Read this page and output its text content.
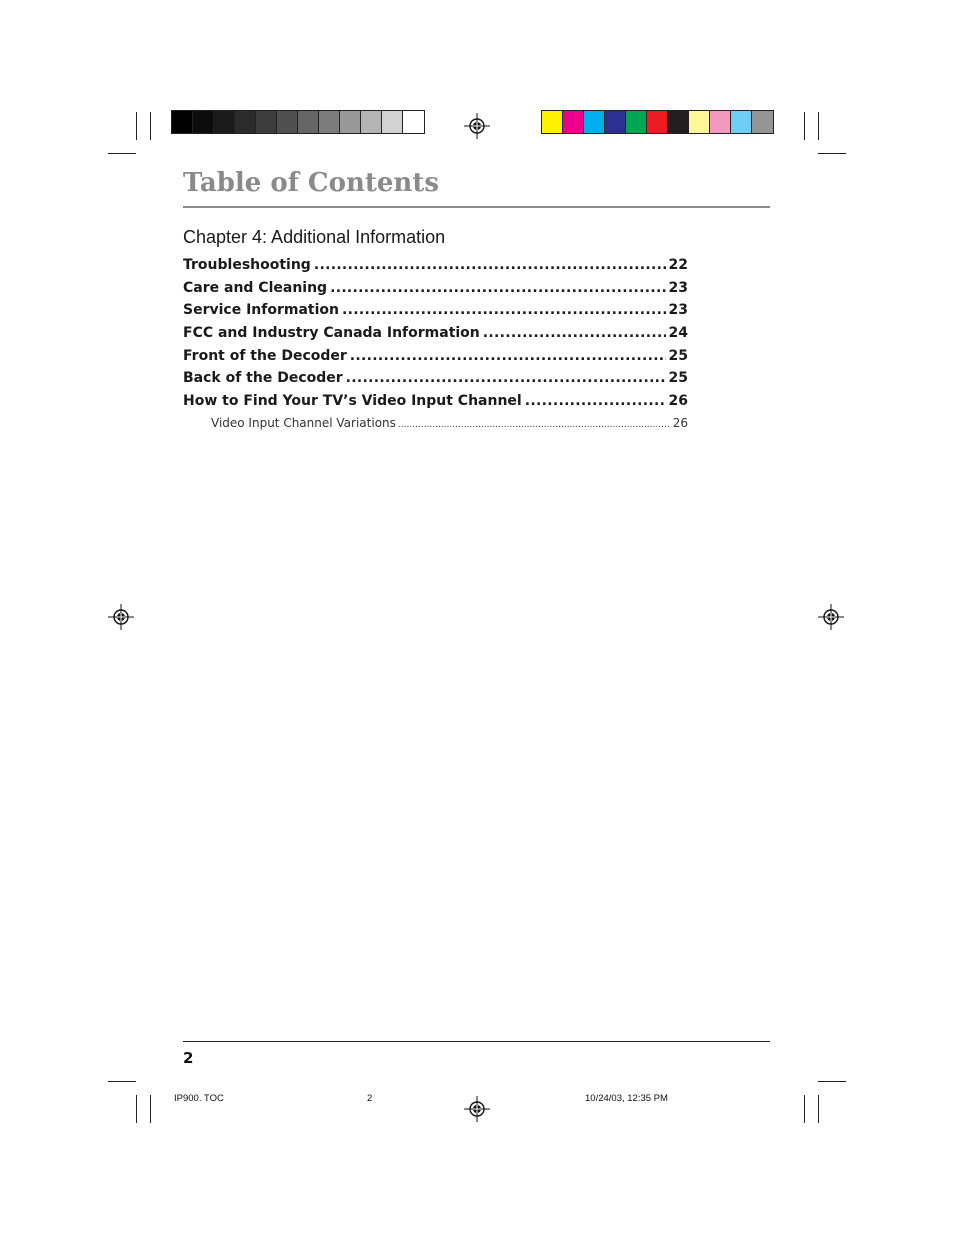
Table of Contents
Chapter 4: Additional Information
Troubleshooting .....	22
Care and Cleaning .....	23
Service Information .....	23
FCC and Industry Canada Information .....	24
Front of the Decoder .....	25
Back of the Decoder .....	25
How to Find Your TV’s Video Input Channel .....	26
Video Input Channel Variations .....	26
2
IP900. TOC	2	10/24/03, 12:35 PM
